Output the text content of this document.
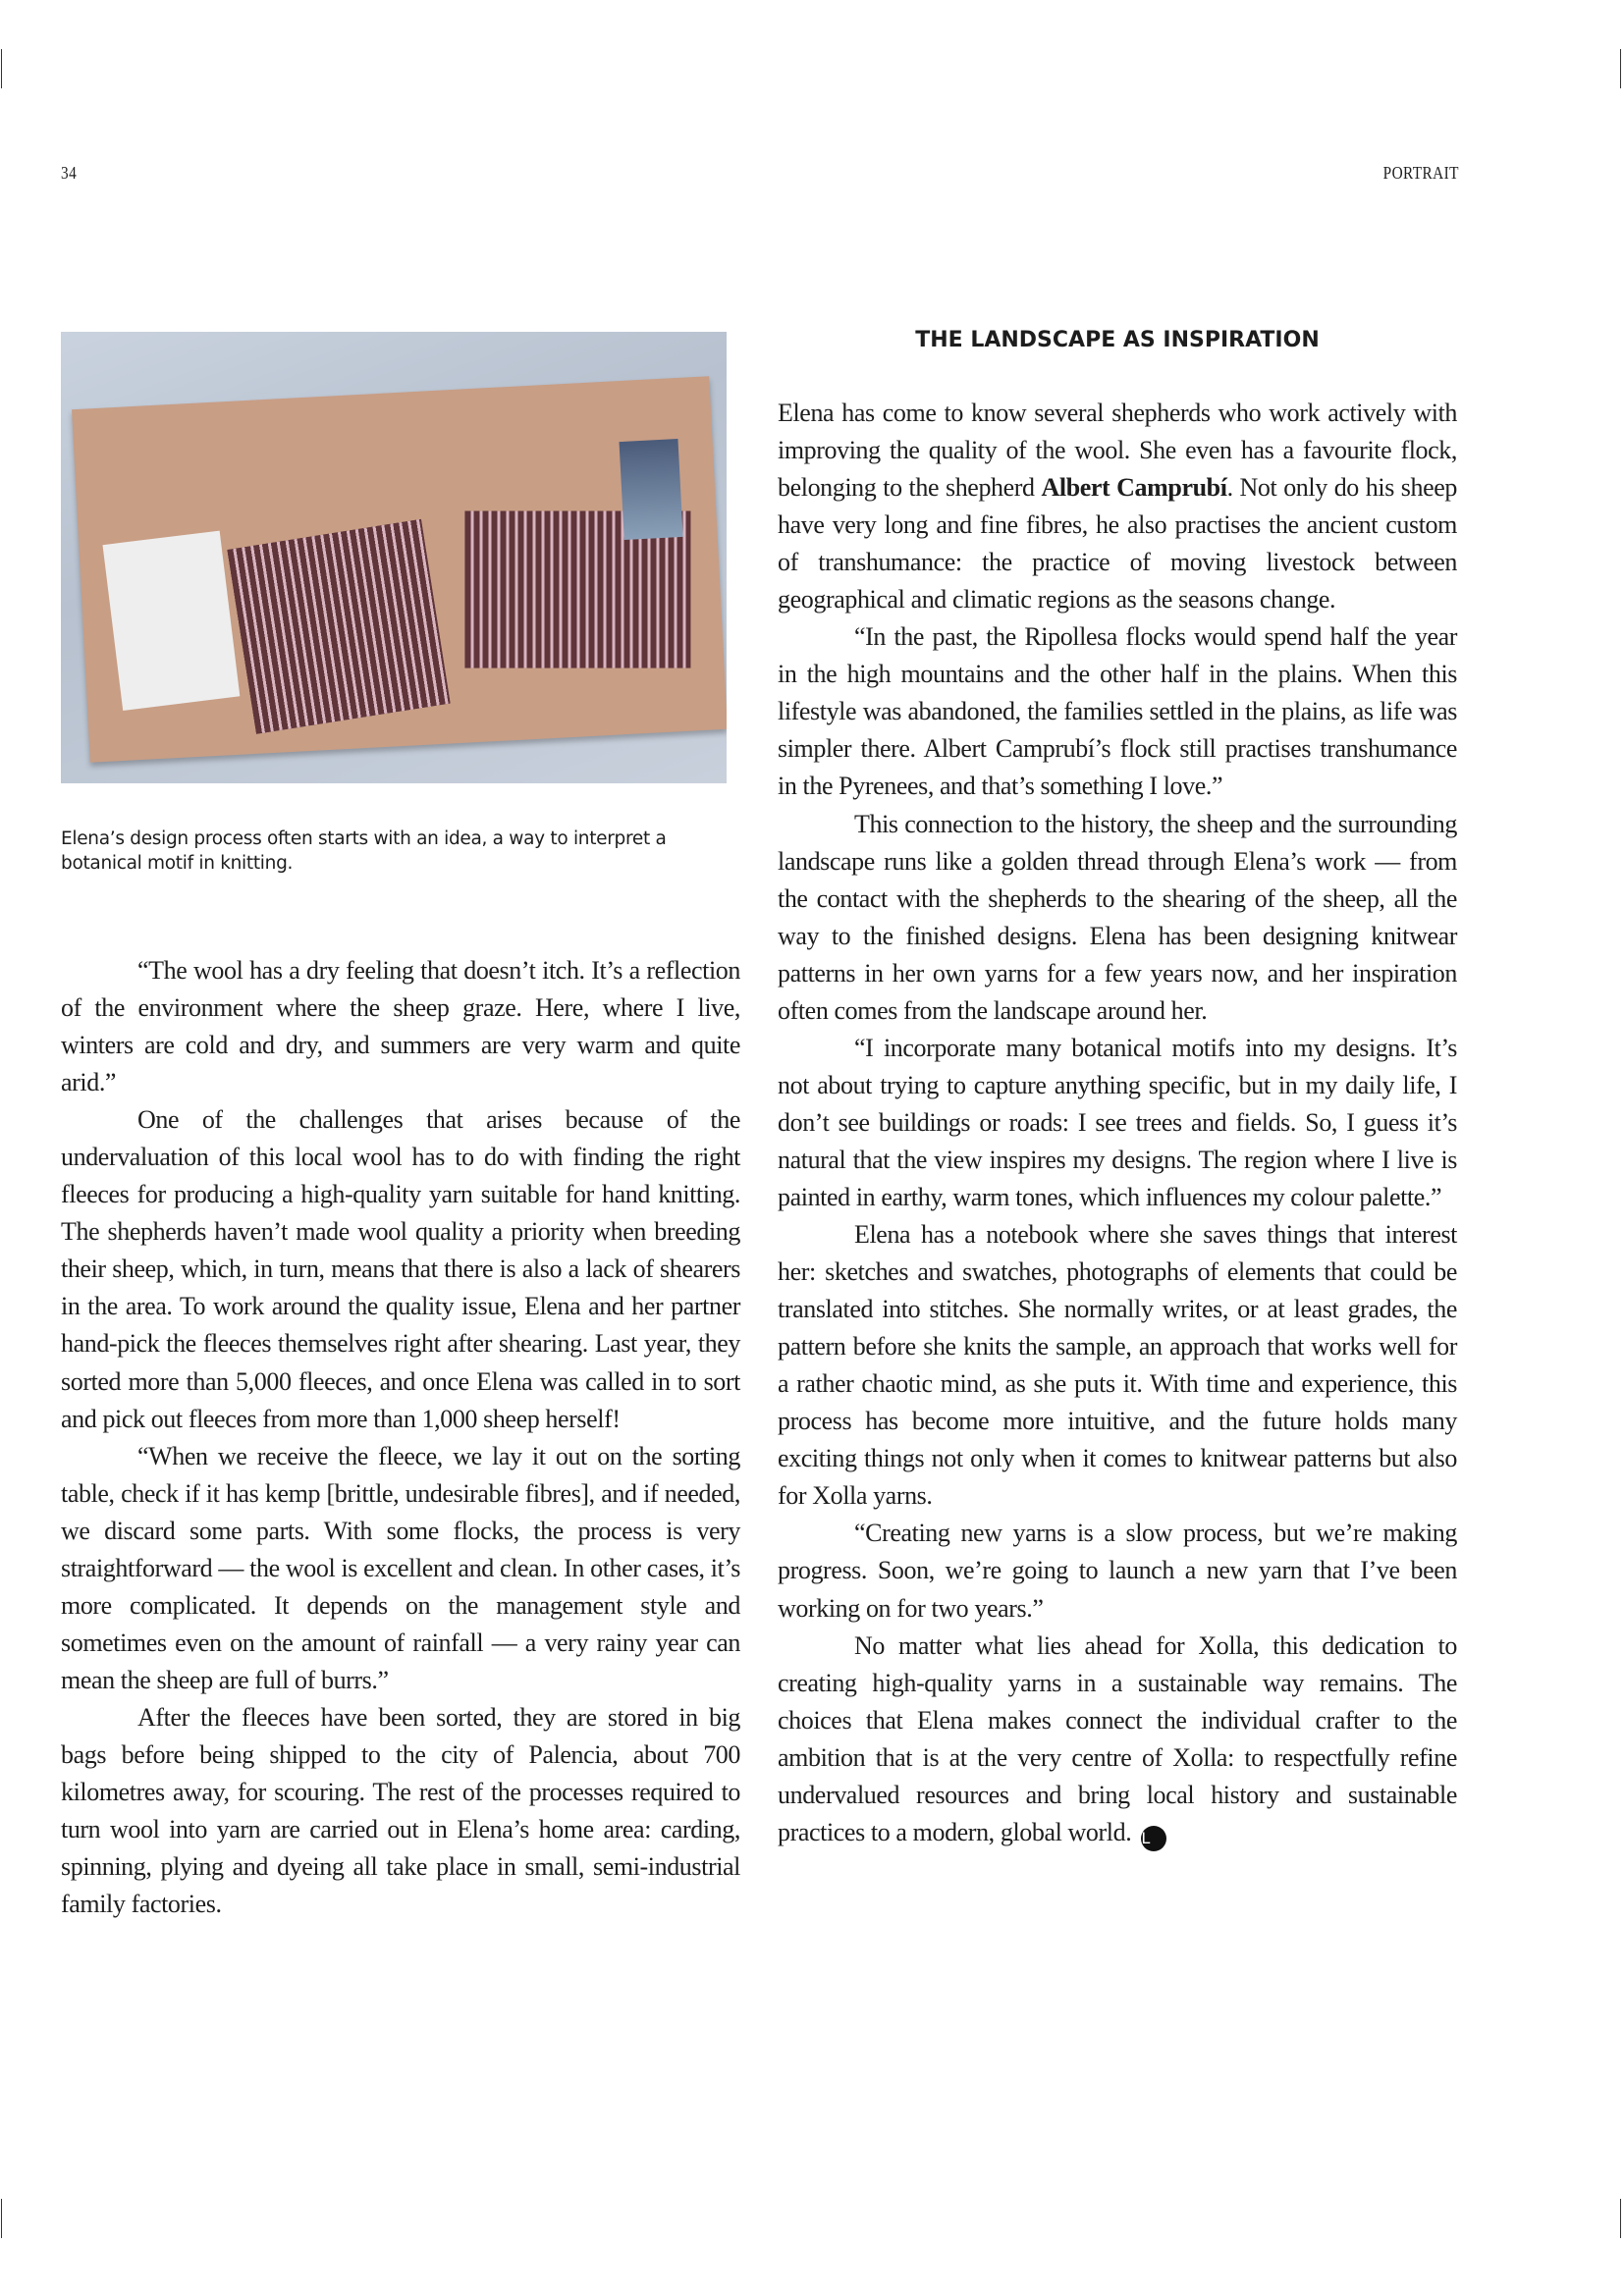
34	PORTRAIT
Elena’s design process often starts with an idea, a way to interpret a botanical motif in knitting.

“The wool has a dry feeling that doesn’t itch. It’s a reflection of the environment where the sheep graze. Here, where I live, winters are cold and dry, and summers are very warm and quite arid.”

One of the challenges that arises because of the undervaluation of this local wool has to do with finding the right fleeces for producing a high-quality yarn suitable for hand knitting. The shepherds haven’t made wool quality a priority when breeding their sheep, which, in turn, means that there is also a lack of shearers in the area. To work around the quality issue, Elena and her partner hand-pick the fleeces themselves right after shearing. Last year, they sorted more than 5,000 fleeces, and once Elena was called in to sort and pick out fleeces from more than 1,000 sheep herself!

“When we receive the fleece, we lay it out on the sorting table, check if it has kemp [brittle, undesirable fibres], and if needed, we discard some parts. With some flocks, the process is very straightforward — the wool is excellent and clean. In other cases, it’s more complicated. It depends on the management style and sometimes even on the amount of rainfall — a very rainy year can mean the sheep are full of burrs.”

After the fleeces have been sorted, they are stored in big bags before being shipped to the city of Palencia, about 700 kilometres away, for scouring. The rest of the processes required to turn wool into yarn are carried out in Elena’s home area: carding, spinning, plying and dyeing all take place in small, semi-industrial family factories.

THE LANDSCAPE AS INSPIRATION

Elena has come to know several shepherds who work actively with improving the quality of the wool. She even has a favourite flock, belonging to the shepherd Albert Camprubí. Not only do his sheep have very long and fine fibres, he also practises the ancient custom of transhumance: the practice of moving livestock between geographical and climatic regions as the seasons change.

“In the past, the Ripollesa flocks would spend half the year in the high mountains and the other half in the plains. When this lifestyle was abandoned, the families settled in the plains, as life was simpler there. Albert Camprubí’s flock still practises transhumance in the Pyrenees, and that’s something I love.”

This connection to the history, the sheep and the surrounding landscape runs like a golden thread through Elena’s work — from the contact with the shepherds to the shearing of the sheep, all the way to the finished designs. Elena has been designing knitwear patterns in her own yarns for a few years now, and her inspiration often comes from the landscape around her.

“I incorporate many botanical motifs into my designs. It’s not about trying to capture anything specific, but in my daily life, I don’t see buildings or roads: I see trees and fields. So, I guess it’s natural that the view inspires my designs. The region where I live is painted in earthy, warm tones, which influences my colour palette.”

Elena has a notebook where she saves things that interest her: sketches and swatches, photographs of elements that could be translated into stitches. She normally writes, or at least grades, the pattern before she knits the sample, an approach that works well for a rather chaotic mind, as she puts it. With time and experience, this process has become more intuitive, and the future holds many exciting things not only when it comes to knitwear patterns but also for Xolla yarns.

“Creating new yarns is a slow process, but we’re making progress. Soon, we’re going to launch a new yarn that I’ve been working on for two years.”

No matter what lies ahead for Xolla, this dedication to creating high-quality yarns in a sustainable way remains. The choices that Elena makes connect the individual crafter to the ambition that is at the very centre of Xolla: to respectfully refine undervalued resources and bring local history and sustainable practices to a modern, global world. L
